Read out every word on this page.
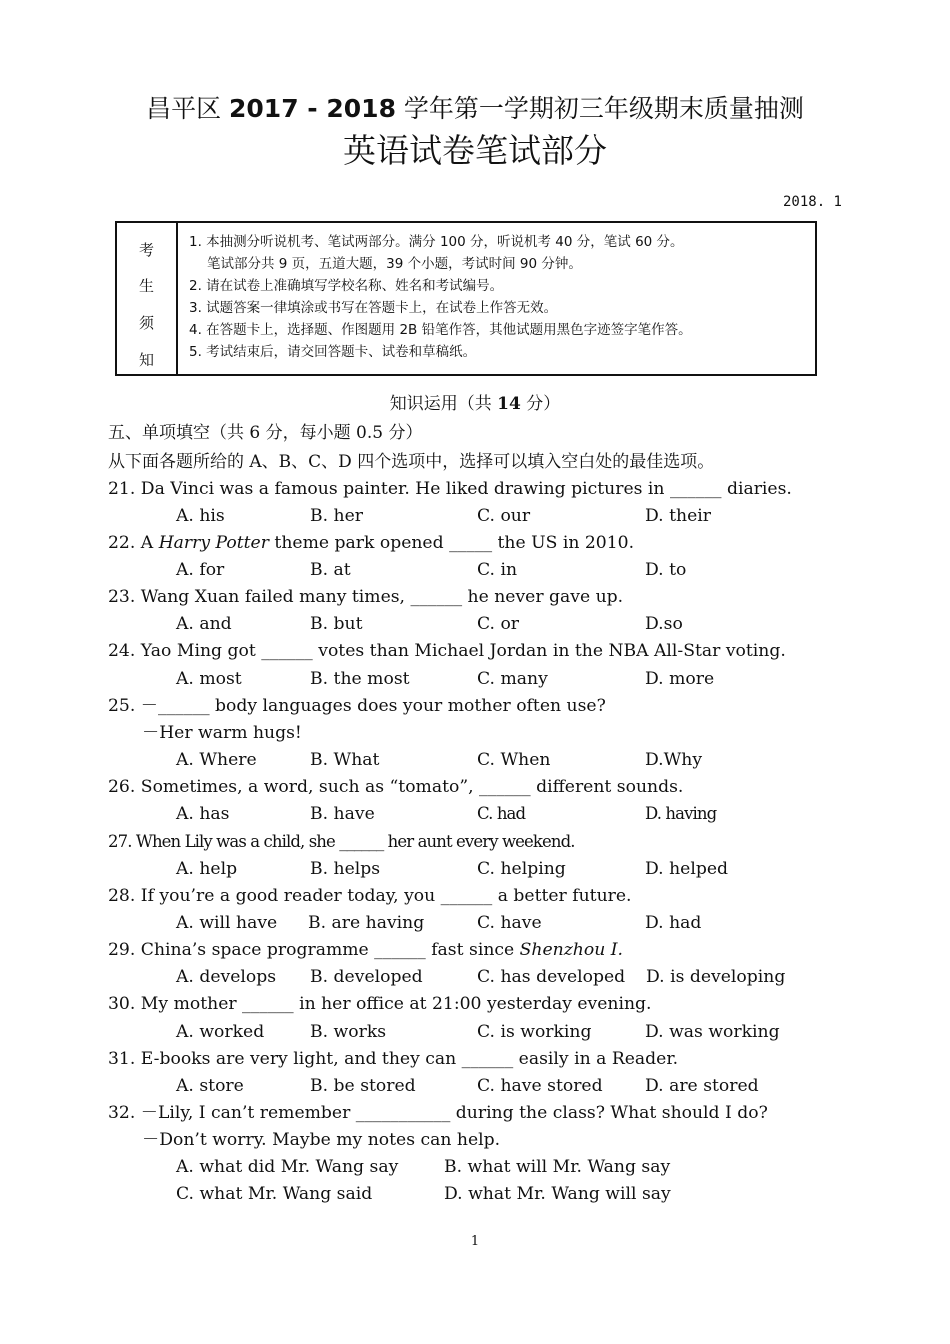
昌平区 2017 - 2018 学年第一学期初三年级期末质量抽测
英语试卷笔试部分
2018. 1
考
生
须
知
1. 本抽测分听说机考、笔试两部分。满分 100 分，听说机考 40 分，笔试 60 分。
笔试部分共 9 页，五道大题，39 个小题，考试时间 90 分钟。
2. 请在试卷上准确填写学校名称、姓名和考试编号。
3. 试题答案一律填涂或书写在答题卡上，在试卷上作答无效。
4. 在答题卡上，选择题、作图题用 2B 铅笔作答，其他试题用黑色字迹签字笔作答。
5. 考试结束后，请交回答题卡、试卷和草稿纸。
知识运用（共 14 分）
五、单项填空（共 6 分，每小题 0.5 分）
从下面各题所给的 A、B、C、D 四个选项中，选择可以填入空白处的最佳选项。
21. Da Vinci was a famous painter. He liked drawing pictures in ______ diaries.
A. his	B. her	C. our	D. their
22. A Harry Potter theme park opened _____ the US in 2010.
A. for	B. at	C. in	D. to
23. Wang Xuan failed many times, ______ he never gave up.
A. and	B. but	C. or	D.so
24. Yao Ming got ______ votes than Michael Jordan in the NBA All-Star voting.
A. most	B. the most	C. many	D. more
25. －______ body languages does your mother often use?
－Her warm hugs!
A. Where	B. What	C. When	D.Why
26. Sometimes, a word, such as “tomato”, ______ different sounds.
A. has	B. have	C. had	D. having
27. When Lily was a child, she ______ her aunt every weekend.
A. help	B. helps	C. helping	D. helped
28. If you’re a good reader today, you ______ a better future.
A. will have B. are having	C. have	D. had
29. China’s space programme ______ fast since Shenzhou I.
A. develops B. developed	C. has developed D. is developing
30. My mother ______ in her office at 21:00 yesterday evening.
A. worked	B. works	C. is working	D. was working
31. E-books are very light, and they can ______ easily in a Reader.
A. store	B. be stored	C. have stored D. are stored
32. －Lily, I can’t remember ___________ during the class? What should I do?
－Don’t worry. Maybe my notes can help.
A. what did Mr. Wang say	B. what will Mr. Wang say
C. what Mr. Wang said	D. what Mr. Wang will say
1
